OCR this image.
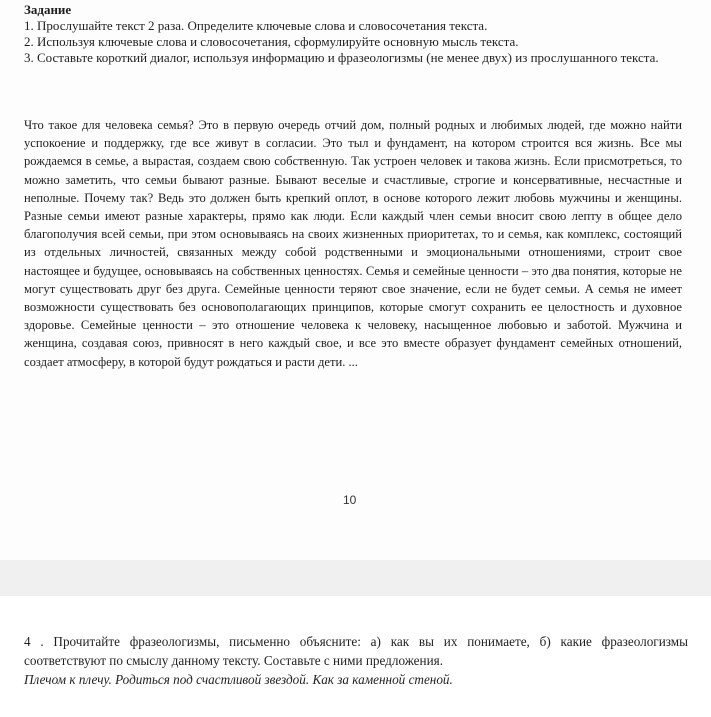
Задание

1. Прослушайте текст 2 раза. Определите ключевые слова и словосочетания текста.

2. Используя ключевые слова и словосочетания, сформулируйте основную мысль текста.

3. Составьте короткий диалог, используя информацию и фразеологизмы (не менее двух) из прослушанного текста.

Что такое для человека семья? Это в первую очередь отчий дом, полный родных и любимых людей, где можно найти успокоение и поддержку, где все живут в согласии. Это тыл и фундамент, на котором строится вся жизнь. Все мы рождаемся в семье, а вырастая, создаем свою собственную. Так устроен человек и такова жизнь. Если присмотреться, то можно заметить, что семьи бывают разные. Бывают веселые и счастливые, строгие и консервативные, несчастные и неполные. Почему так? Ведь это должен быть крепкий оплот, в основе которого лежит любовь мужчины и женщины. Разные семьи имеют разные характеры, прямо как люди. Если каждый член семьи вносит свою лепту в общее дело благополучия всей семьи, при этом основываясь на своих жизненных приоритетах, то и семья, как комплекс, состоящий из отдельных личностей, связанных между собой родственными и эмоциональными отношениями, строит свое настоящее и будущее, основываясь на собственных ценностях. Семья и семейные ценности – это два понятия, которые не могут существовать друг без друга. Семейные ценности теряют свое значение, если не будет семьи. А семья не имеет возможности существовать без основополагающих принципов, которые смогут сохранить ее целостность и духовное здоровье. Семейные ценности – это отношение человека к человеку, насыщенное любовью и заботой. Мужчина и женщина, создавая союз, привносят в него каждый свое, и все это вместе образует фундамент семейных отношений, создает атмосферу, в которой будут рождаться и расти дети. ...

10

4 . Прочитайте фразеологизмы, письменно объясните: а) как вы их понимаете, б) какие фразеологизмы соответствуют по смыслу данному тексту. Составьте с ними предложения.

Плечом к плечу. Родиться под счастливой звездой. Как за каменной стеной.
